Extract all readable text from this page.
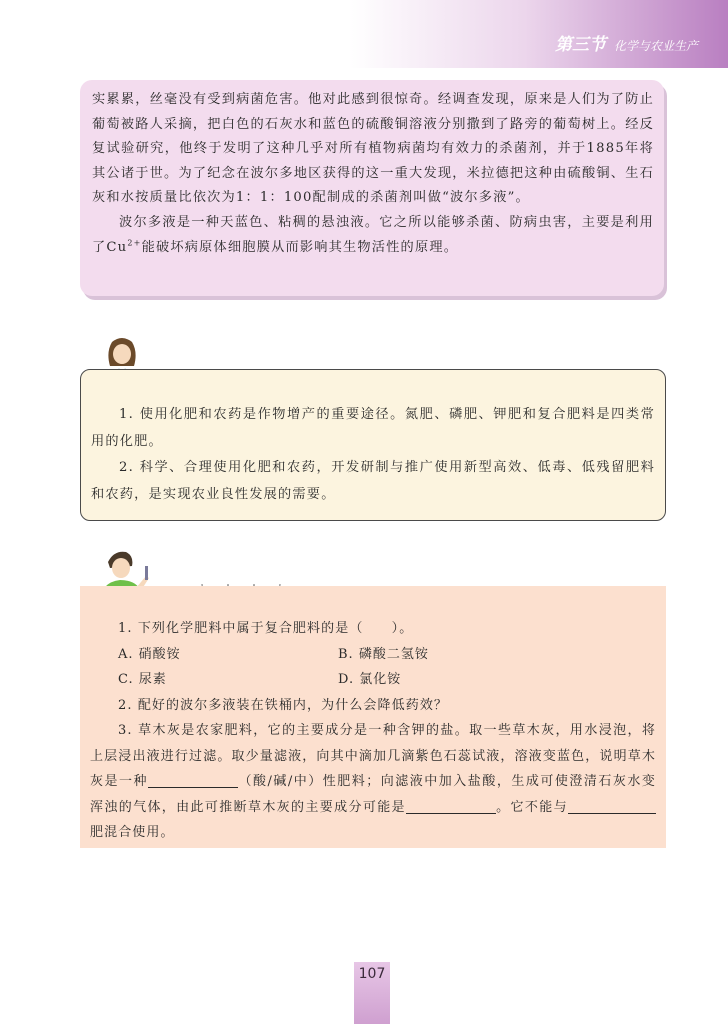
第三节 化学与农业生产

实累累，丝毫没有受到病菌危害。他对此感到很惊奇。经调查发现，原来是人们为了防止葡萄被路人采摘，把白色的石灰水和蓝色的硫酸铜溶液分别撒到了路旁的葡萄树上。经反复试验研究，他终于发明了这种几乎对所有植物病菌均有效力的杀菌剂，并于1885年将其公诸于世。为了纪念在波尔多地区获得的这一重大发现，米拉德把这种由硫酸铜、生石灰和水按质量比依次为1：1：100配制成的杀菌剂叫做“波尔多液”。

波尔多液是一种天蓝色、粘稠的悬浊液。它之所以能够杀菌、防病虫害，主要是利用了$Cu^{2+}$能破坏病原体细胞膜从而影响其生物活性的原理。

1. 使用化肥和农药是作物增产的重要途径。氮肥、磷肥、钾肥和复合肥料是四类常用的化肥。

2. 科学、合理使用化肥和农药，开发研制与推广使用新型高效、低毒、低残留肥料和农药，是实现农业良性发展的需要。

1. 下列化学肥料中属于复合肥料的是（　　）。

A. 硝酸铵	B. 磷酸二氢铵
C. 尿素	D. 氯化铵

2. 配好的波尔多液装在铁桶内，为什么会降低药效？

3. 草木灰是农家肥料，它的主要成分是一种含钾的盐。取一些草木灰，用水浸泡，将上层浸出液进行过滤。取少量滤液，向其中滴加几滴紫色石蕊试液，溶液变蓝色，说明草木灰是一种	（酸/碱/中）性肥料；向滤液中加入盐酸，生成可使澄清石灰水变浑浊的气体，由此可推断草木灰的主要成分可能是	。它不能与肥混合使用。

107
